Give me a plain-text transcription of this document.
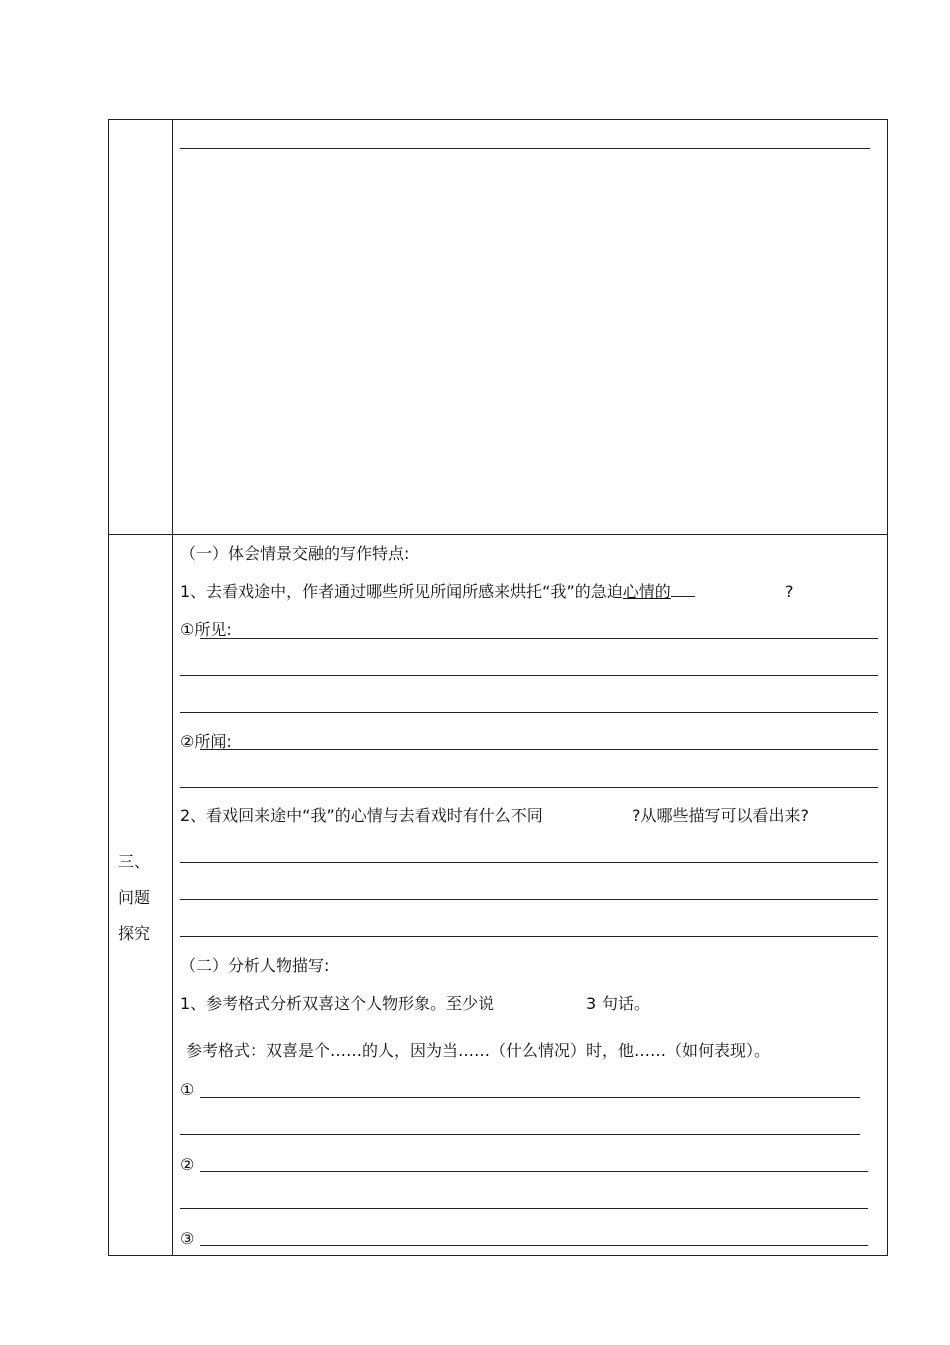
三、
问题
探究
（一）体会情景交融的写作特点:
1、去看戏途中，作者通过哪些所见所闻所感来烘托“我”的急迫心情的	?
①所见:
②所闻:
2、看戏回来途中“我”的心情与去看戏时有什么不同	?从哪些描写可以看出来?
（二）分析人物描写:
1、参考格式分析双喜这个人物形象。至少说	3 句话。
参考格式：双喜是个……的人，因为当……（什么情况）时，他……（如何表现）。
①
②
③
